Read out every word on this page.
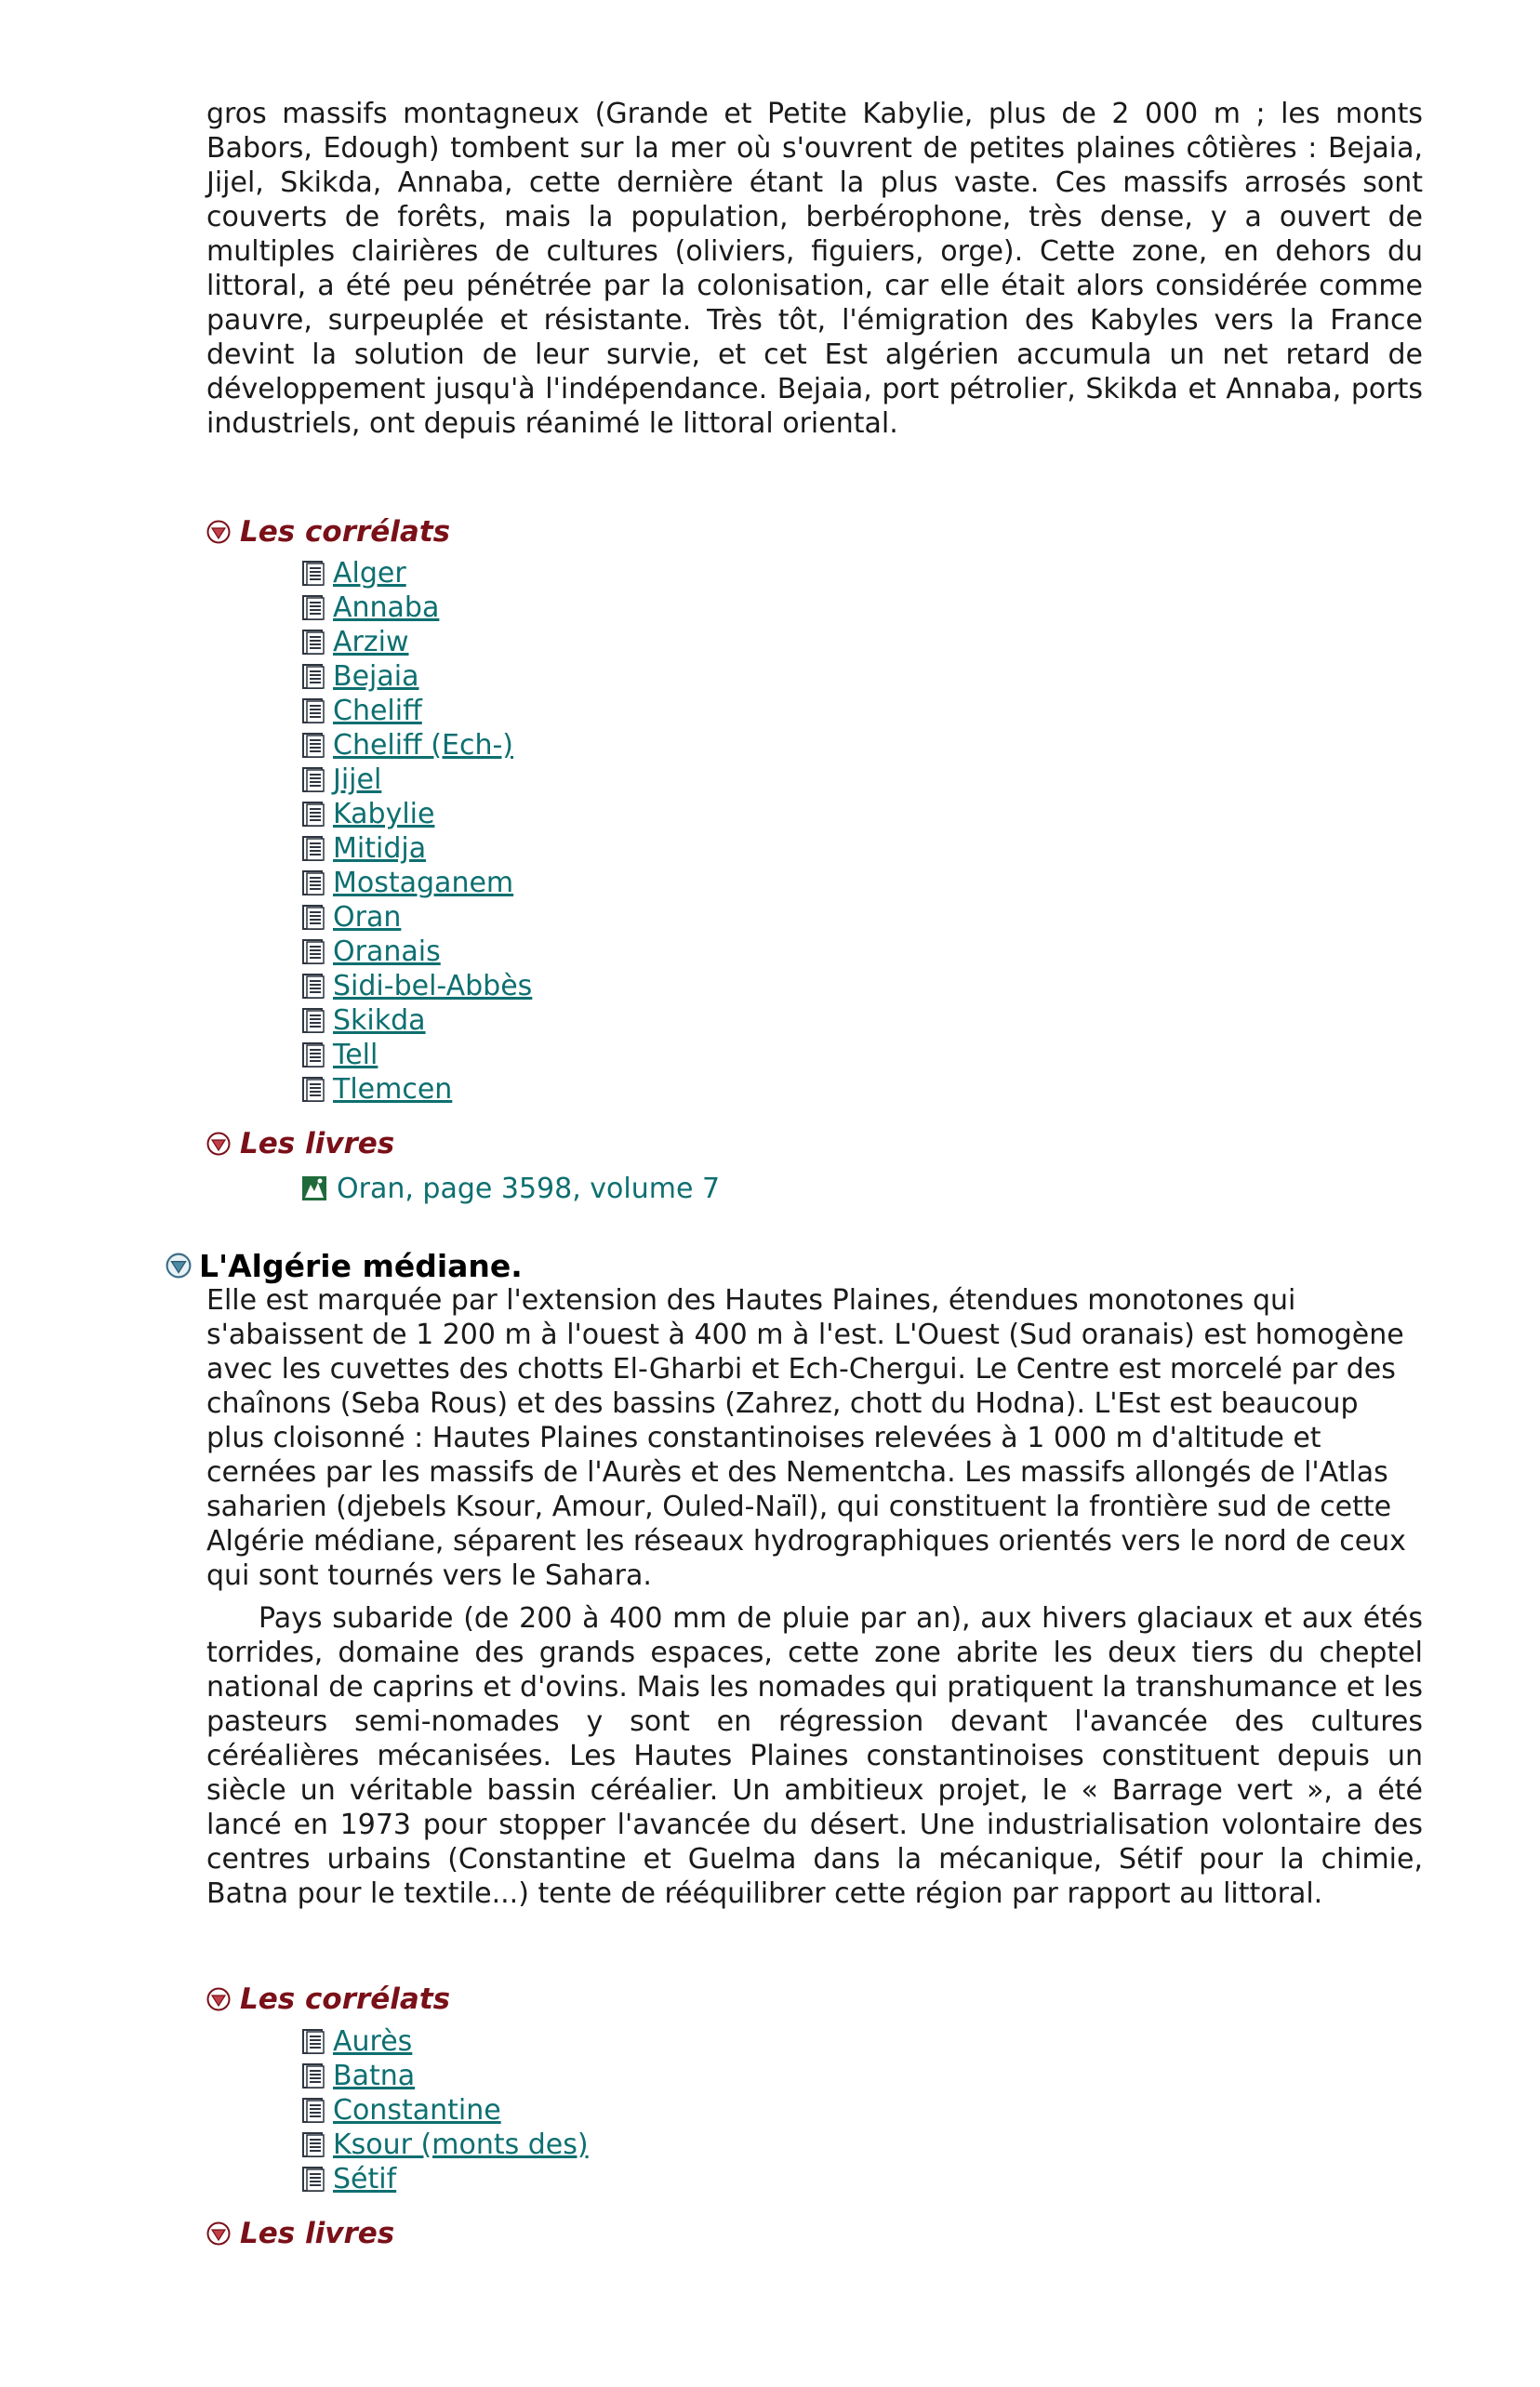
gros massifs montagneux (Grande et Petite Kabylie, plus de 2 000 m ; les monts Babors, Edough) tombent sur la mer où s'ouvrent de petites plaines côtières : Bejaia, Jijel, Skikda, Annaba, cette dernière étant la plus vaste. Ces massifs arrosés sont couverts de forêts, mais la population, berbérophone, très dense, y a ouvert de multiples clairières de cultures (oliviers, figuiers, orge). Cette zone, en dehors du littoral, a été peu pénétrée par la colonisation, car elle était alors considérée comme pauvre, surpeuplée et résistante. Très tôt, l'émigration des Kabyles vers la France devint la solution de leur survie, et cet Est algérien accumula un net retard de développement jusqu'à l'indépendance. Bejaia, port pétrolier, Skikda et Annaba, ports industriels, ont depuis réanimé le littoral oriental.

Les corrélats
Alger
Annaba
Arziw
Bejaia
Cheliff
Cheliff (Ech-)
Jijel
Kabylie
Mitidja
Mostaganem
Oran
Oranais
Sidi-bel-Abbès
Skikda
Tell
Tlemcen
Les livres
Oran, page 3598, volume 7
L'Algérie médiane.

Elle est marquée par l'extension des Hautes Plaines, étendues monotones qui s'abaissent de 1 200 m à l'ouest à 400 m à l'est. L'Ouest (Sud oranais) est homogène avec les cuvettes des chotts El-Gharbi et Ech-Chergui. Le Centre est morcelé par des chaînons (Seba Rous) et des bassins (Zahrez, chott du Hodna). L'Est est beaucoup plus cloisonné : Hautes Plaines constantinoises relevées à 1 000 m d'altitude et cernées par les massifs de l'Aurès et des Nementcha. Les massifs allongés de l'Atlas saharien (djebels Ksour, Amour, Ouled-Naïl), qui constituent la frontière sud de cette Algérie médiane, séparent les réseaux hydrographiques orientés vers le nord de ceux qui sont tournés vers le Sahara.

Pays subaride (de 200 à 400 mm de pluie par an), aux hivers glaciaux et aux étés torrides, domaine des grands espaces, cette zone abrite les deux tiers du cheptel national de caprins et d'ovins. Mais les nomades qui pratiquent la transhumance et les pasteurs semi-nomades y sont en régression devant l'avancée des cultures céréalières mécanisées. Les Hautes Plaines constantinoises constituent depuis un siècle un véritable bassin céréalier. Un ambitieux projet, le « Barrage vert », a été lancé en 1973 pour stopper l'avancée du désert. Une industrialisation volontaire des centres urbains (Constantine et Guelma dans la mécanique, Sétif pour la chimie, Batna pour le textile...) tente de rééquilibrer cette région par rapport au littoral.

Les corrélats
Aurès
Batna
Constantine
Ksour (monts des)
Sétif
Les livres
